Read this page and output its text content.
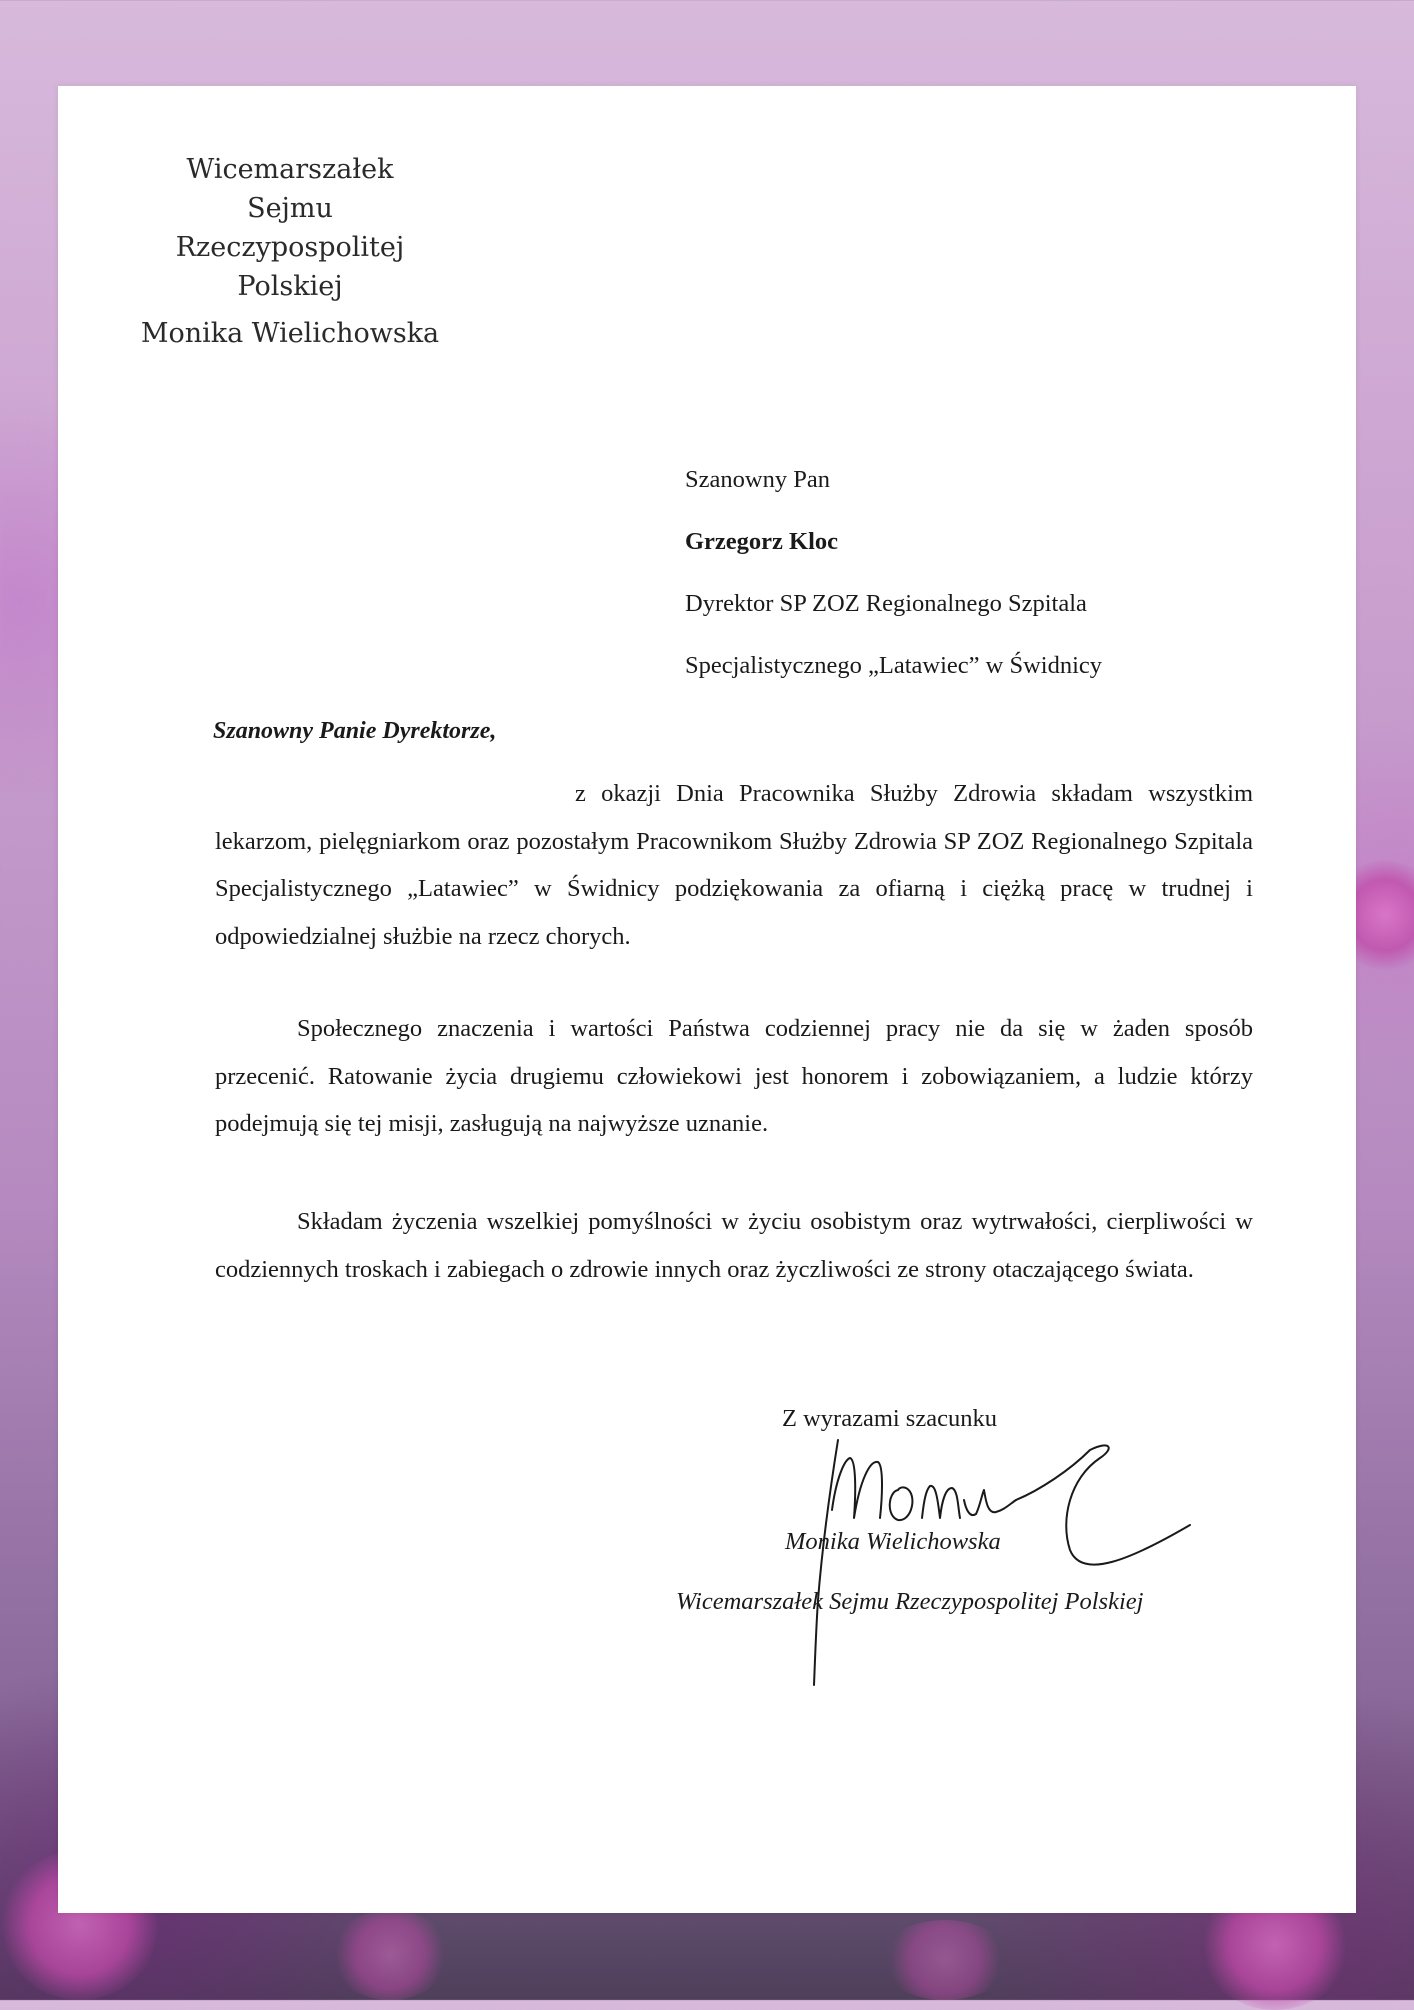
Wicemarszałek Sejmu
Rzeczypospolitej Polskiej
Monika Wielichowska
Szanowny Pan
Grzegorz Kloc
Dyrektor SP ZOZ Regionalnego Szpitala
Specjalistycznego „Latawiec” w Świdnicy
Szanowny Panie Dyrektorze,
z okazji Dnia Pracownika Służby Zdrowia składam wszystkim lekarzom, pielęgniarkom oraz pozostałym Pracownikom Służby Zdrowia SP ZOZ Regionalnego Szpitala Specjalistycznego „Latawiec” w Świdnicy podziękowania za ofiarną i ciężką pracę w trudnej i odpowiedzialnej służbie na rzecz chorych.
Społecznego znaczenia i wartości Państwa codziennej pracy nie da się w żaden sposób przecenić. Ratowanie życia drugiemu człowiekowi jest honorem i zobowiązaniem, a ludzie którzy podejmują się tej misji, zasługują na najwyższe uznanie.
Składam życzenia wszelkiej pomyślności w życiu osobistym oraz wytrwałości, cierpliwości w codziennych troskach i zabiegach o zdrowie innych oraz życzliwości ze strony otaczającego świata.
Z wyrazami szacunku
Monika Wielichowska
Wicemarszałek Sejmu Rzeczypospolitej Polskiej
